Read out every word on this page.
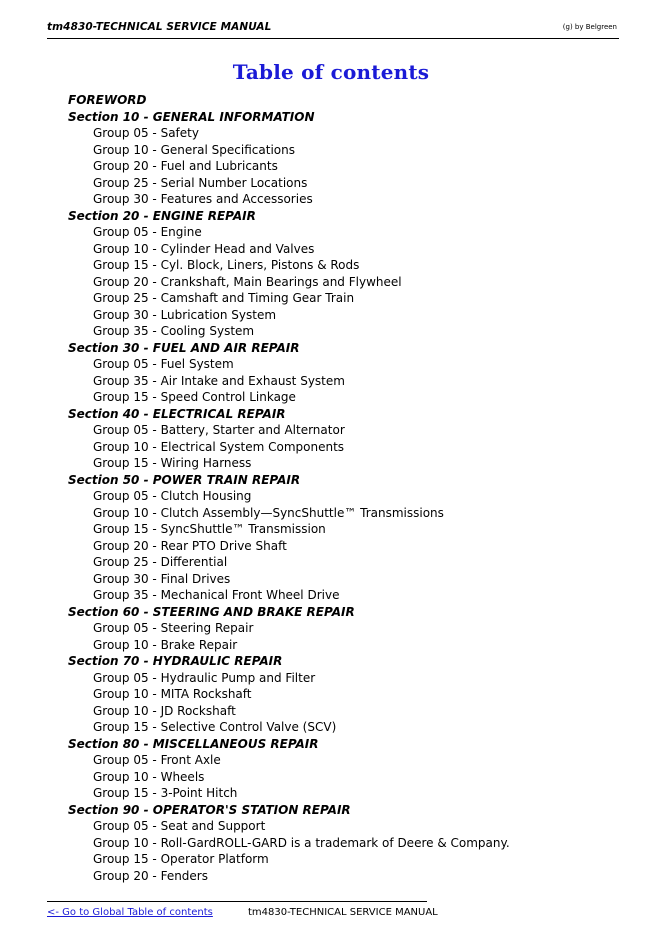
tm4830-TECHNICAL SERVICE MANUAL	(g) by Belgreen
Table of contents
FOREWORD
Section 10 - GENERAL INFORMATION
Group 05 - Safety
Group 10 - General Specifications
Group 20 - Fuel and Lubricants
Group 25 - Serial Number Locations
Group 30 - Features and Accessories
Section 20 - ENGINE REPAIR
Group 05 - Engine
Group 10 - Cylinder Head and Valves
Group 15 - Cyl. Block, Liners, Pistons & Rods
Group 20 - Crankshaft, Main Bearings and Flywheel
Group 25 - Camshaft and Timing Gear Train
Group 30 - Lubrication System
Group 35 - Cooling System
Section 30 - FUEL AND AIR REPAIR
Group 05 - Fuel System
Group 35 - Air Intake and Exhaust System
Group 15 - Speed Control Linkage
Section 40 - ELECTRICAL REPAIR
Group 05 - Battery, Starter and Alternator
Group 10 - Electrical System Components
Group 15 - Wiring Harness
Section 50 - POWER TRAIN REPAIR
Group 05 - Clutch Housing
Group 10 - Clutch Assembly—SyncShuttle™ Transmissions
Group 15 - SyncShuttle™ Transmission
Group 20 - Rear PTO Drive Shaft
Group 25 - Differential
Group 30 - Final Drives
Group 35 - Mechanical Front Wheel Drive
Section 60 - STEERING AND BRAKE REPAIR
Group 05 - Steering Repair
Group 10 - Brake Repair
Section 70 - HYDRAULIC REPAIR
Group 05 - Hydraulic Pump and Filter
Group 10 - MITA Rockshaft
Group 10 - JD Rockshaft
Group 15 - Selective Control Valve (SCV)
Section 80 - MISCELLANEOUS REPAIR
Group 05 - Front Axle
Group 10 - Wheels
Group 15 - 3-Point Hitch
Section 90 - OPERATOR'S STATION REPAIR
Group 05 - Seat and Support
Group 10 - Roll-GardROLL-GARD is a trademark of Deere & Company.
Group 15 - Operator Platform
Group 20 - Fenders
<- Go to Global Table of contents	tm4830-TECHNICAL SERVICE MANUAL
